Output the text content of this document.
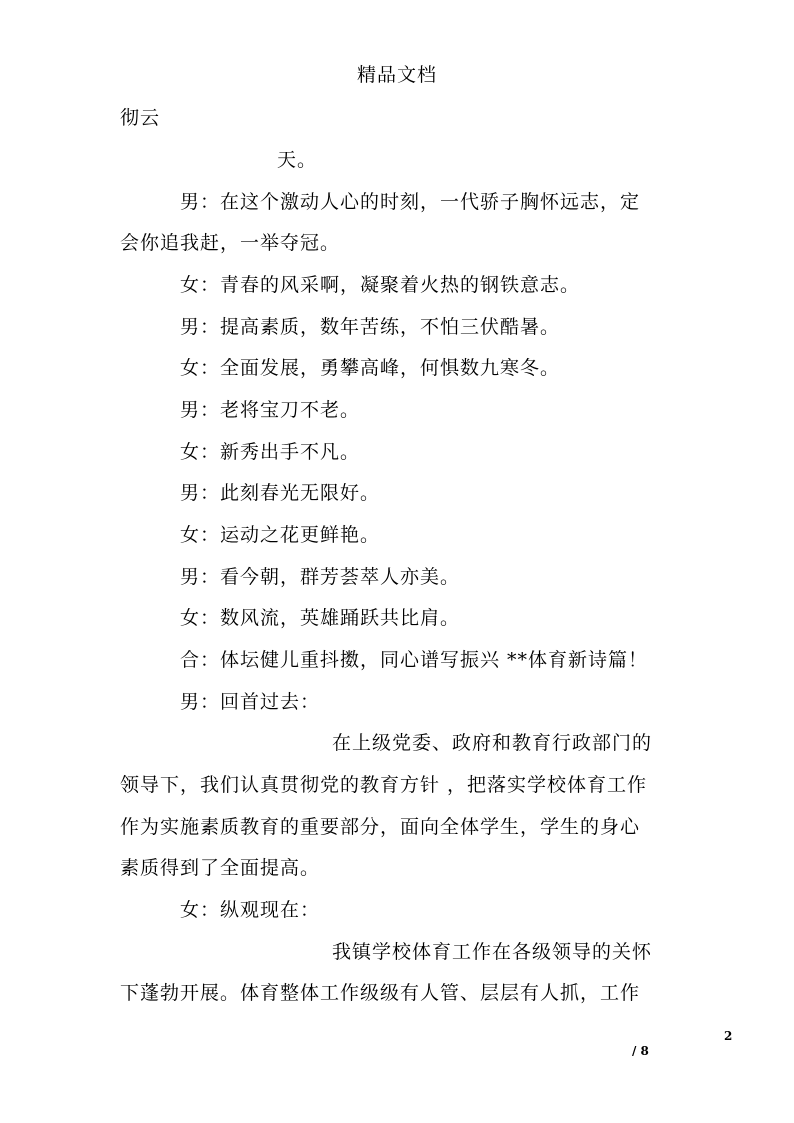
精品文档
彻云
天。
男：在这个激动人心的时刻，一代骄子胸怀远志，定
会你追我赶，一举夺冠。
女：青春的风采啊，凝聚着火热的钢铁意志。
男：提高素质，数年苦练，不怕三伏酷暑。
女：全面发展，勇攀高峰，何惧数九寒冬。
男：老将宝刀不老。
女：新秀出手不凡。
男：此刻春光无限好。
女：运动之花更鲜艳。
男：看今朝，群芳荟萃人亦美。
女：数风流，英雄踊跃共比肩。
合：体坛健儿重抖擞，同心谱写振兴 **体育新诗篇！
男：回首过去：
在上级党委、政府和教育行政部门的
领导下，我们认真贯彻党的教育方针 ，把落实学校体育工作
作为实施素质教育的重要部分，面向全体学生，学生的身心
素质得到了全面提高。
女：纵观现在：
我镇学校体育工作在各级领导的关怀
下蓬勃开展。体育整体工作级级有人管、层层有人抓，工作
2
/ 8
